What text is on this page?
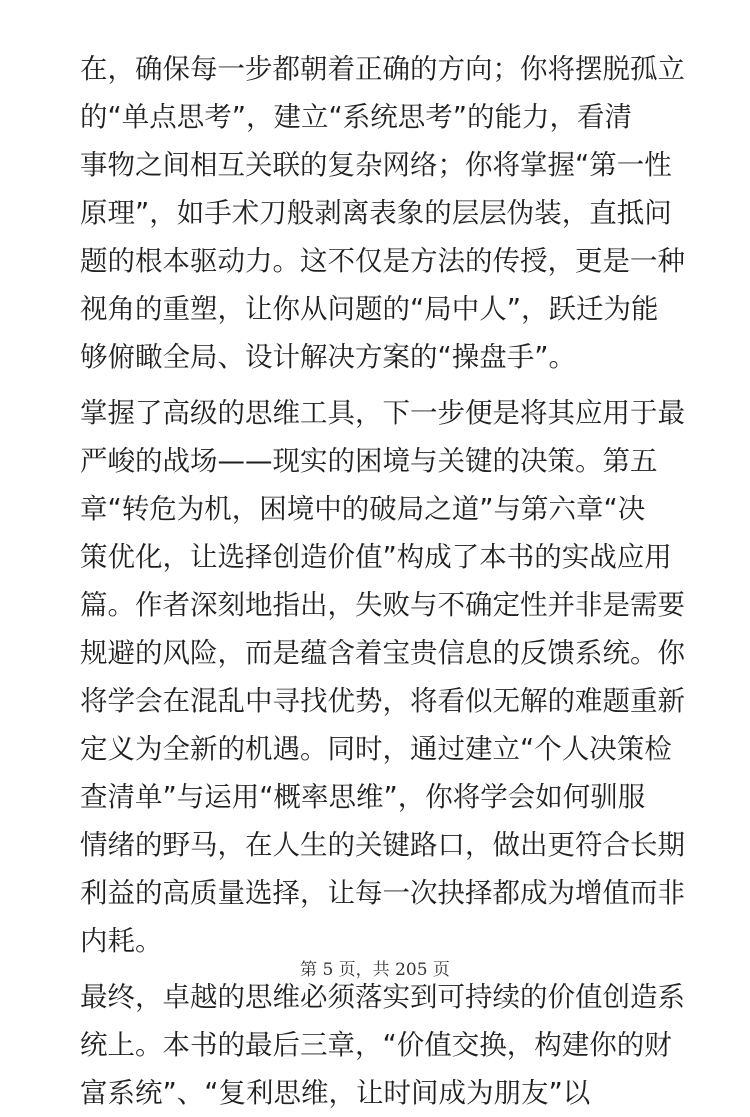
在，确保每一步都朝着正确的方向；你将摆脱孤立
的“单点思考”，建立“系统思考”的能力，看清
事物之间相互关联的复杂网络；你将掌握“第一性
原理”，如手术刀般剥离表象的层层伪装，直抵问
题的根本驱动力。这不仅是方法的传授，更是一种
视角的重塑，让你从问题的“局中人”，跃迁为能
够俯瞰全局、设计解决方案的“操盘手”。

掌握了高级的思维工具，下一步便是将其应用于最
严峻的战场——现实的困境与关键的决策。第五
章“转危为机，困境中的破局之道”与第六章“决
策优化，让选择创造价值”构成了本书的实战应用
篇。作者深刻地指出，失败与不确定性并非是需要
规避的风险，而是蕴含着宝贵信息的反馈系统。你
将学会在混乱中寻找优势，将看似无解的难题重新
定义为全新的机遇。同时，通过建立“个人决策检
查清单”与运用“概率思维”，你将学会如何驯服
情绪的野马，在人生的关键路口，做出更符合长期
利益的高质量选择，让每一次抉择都成为增值而非
内耗。

最终，卓越的思维必须落实到可持续的价值创造系
统上。本书的最后三章，“价值交换，构建你的财
富系统”、“复利思维，让时间成为朋友”以

第 5 页，共 205 页
